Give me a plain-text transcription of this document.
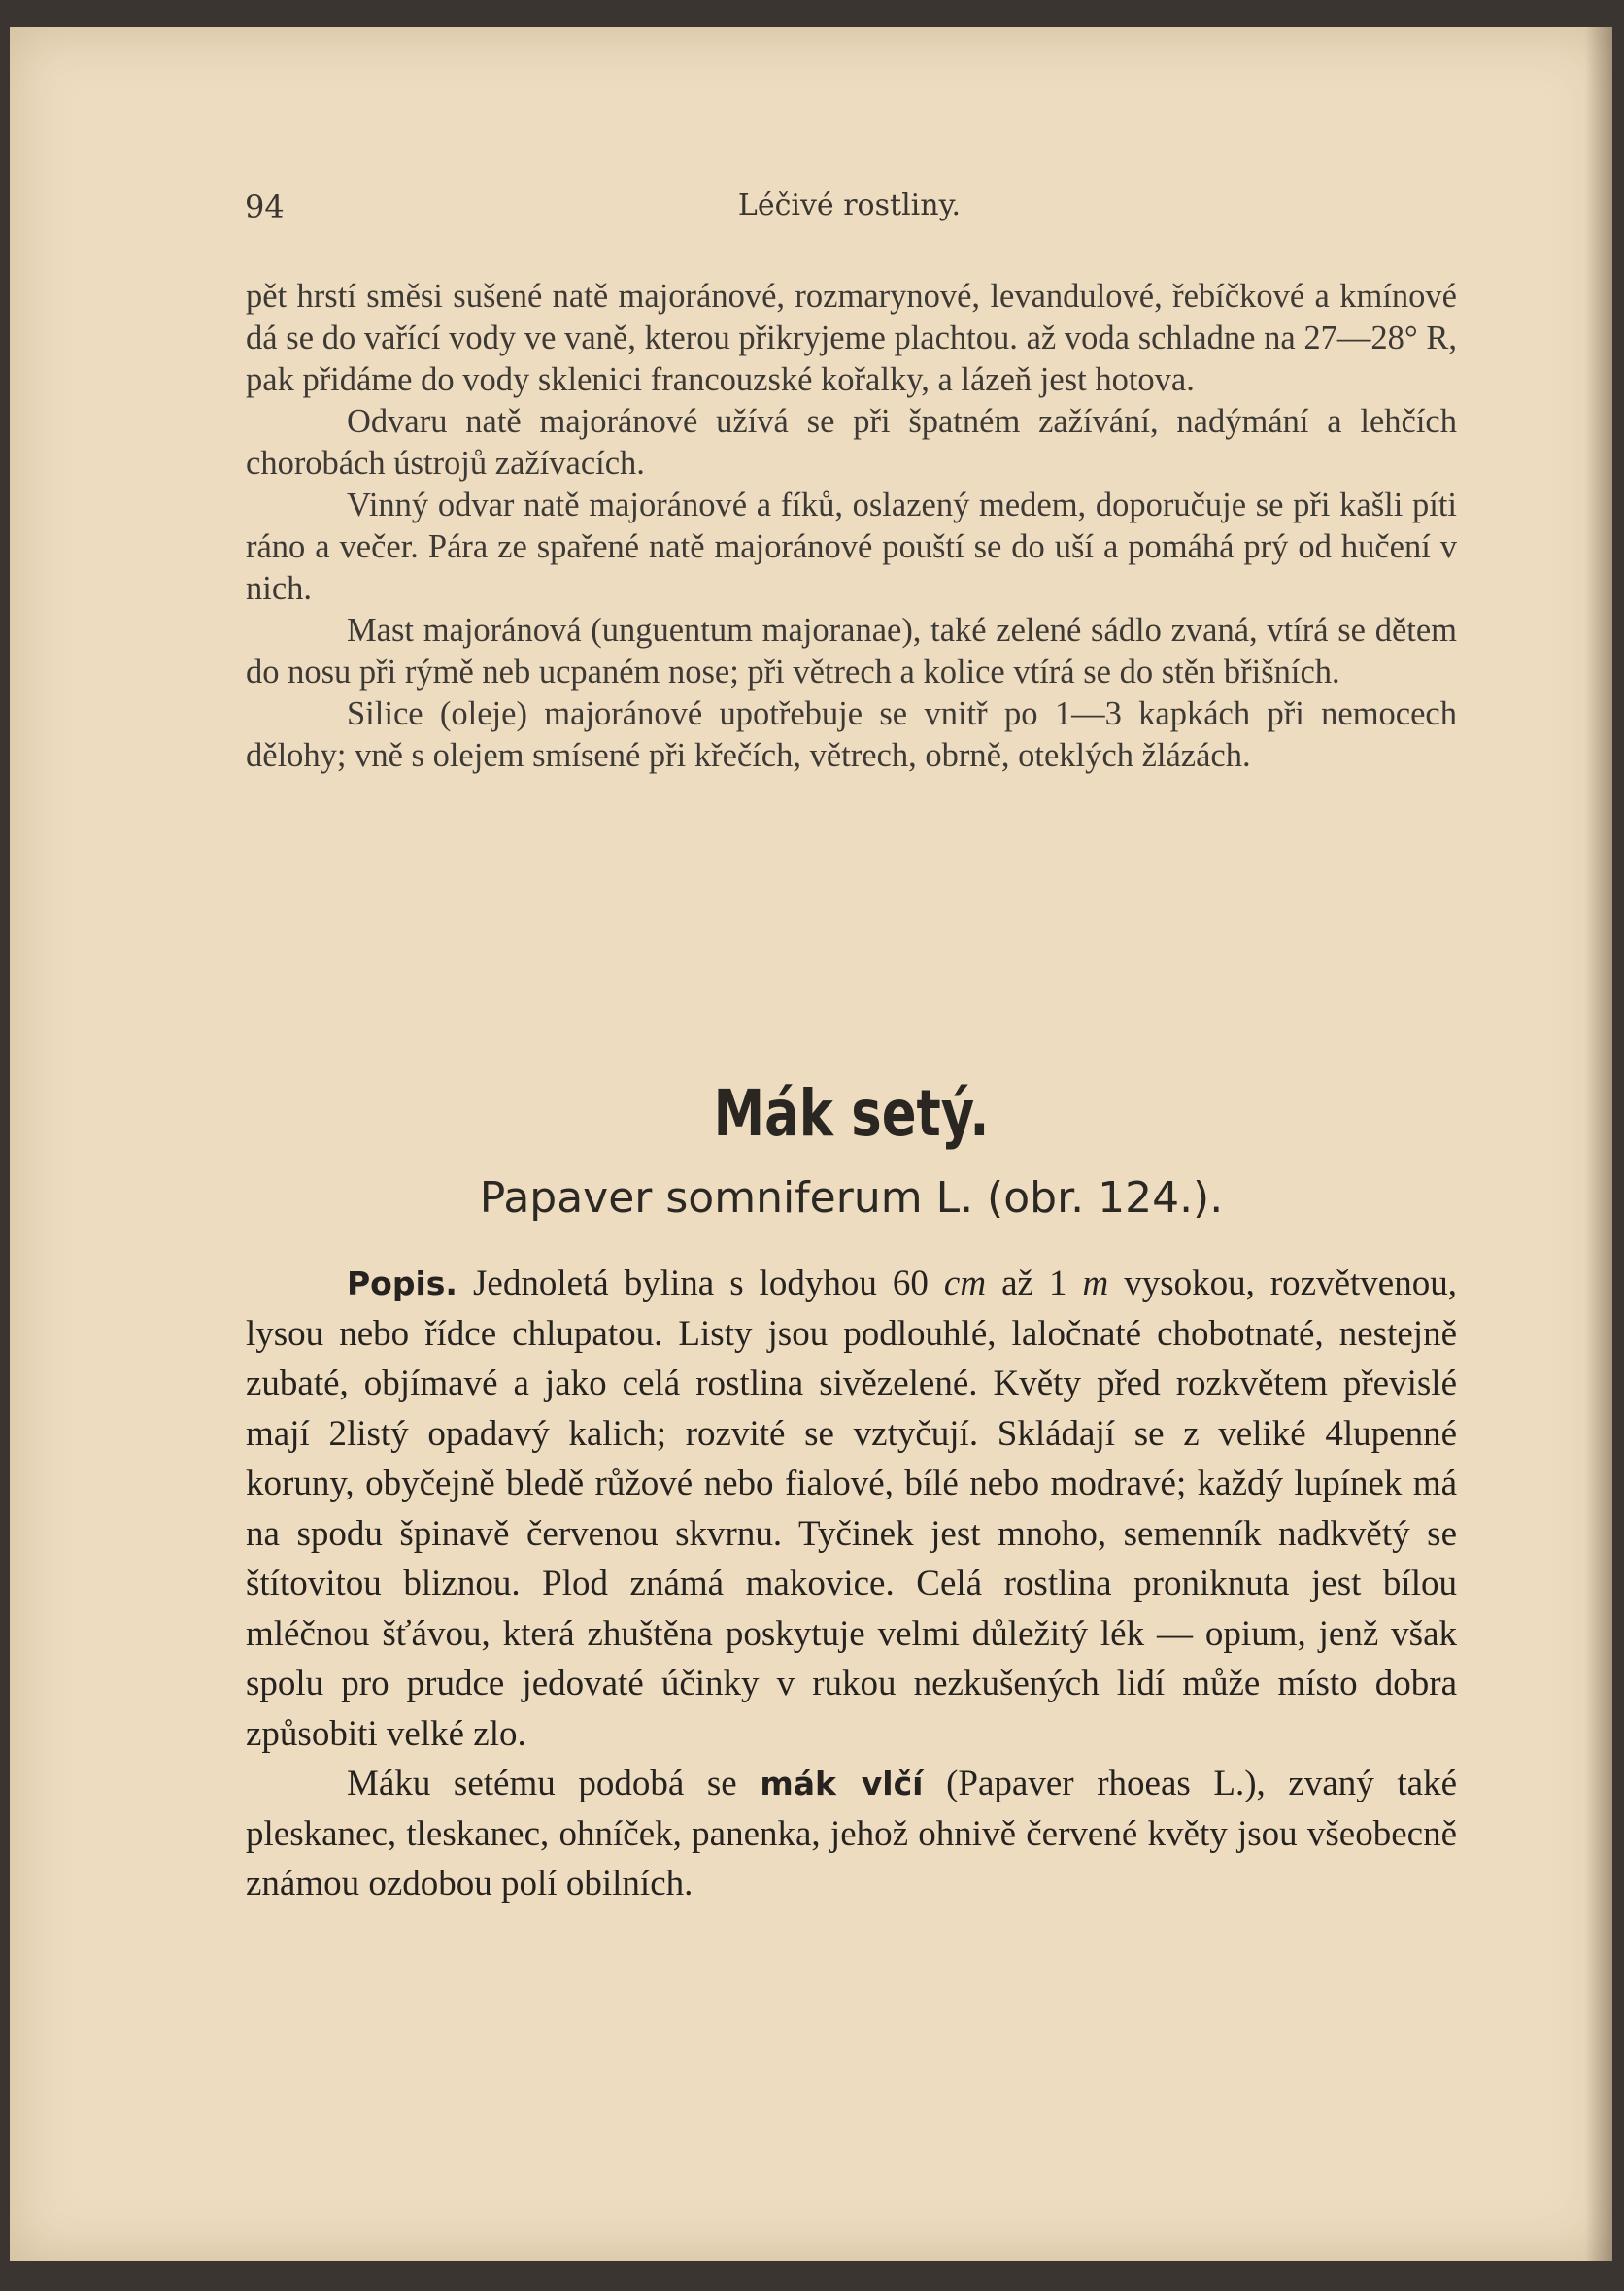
94	Léčivé rostliny.

pět hrstí směsi sušené natě majoránové, rozmarynové, levandulové, řebíčkové a kmínové dá se do vařící vody ve vaně, kterou přikryjeme plachtou. až voda schladne na 27—28° R, pak přidáme do vody sklenici francouzské kořalky, a lázeň jest hotova.

Odvaru natě majoránové užívá se při špatném zažívání, nadýmání a lehčích chorobách ústrojů zažívacích.

Vinný odvar natě majoránové a fíků, oslazený medem, doporučuje se při kašli píti ráno a večer. Pára ze spařené natě majoránové pouští se do uší a pomáhá prý od hučení v nich.

Mast majoránová (unguentum majoranae), také zelené sádlo zvaná, vtírá se dětem do nosu při rýmě neb ucpaném nose; při větrech a kolice vtírá se do stěn břišních.

Silice (oleje) majoránové upotřebuje se vnitř po 1—3 kapkách při nemocech dělohy; vně s olejem smísené při křečích, větrech, obrně, oteklých žlázách.

Mák setý.
Papaver somniferum L. (obr. 124.).

Popis. Jednoletá bylina s lodyhou 60 cm až 1 m vysokou, rozvětvenou, lysou nebo řídce chlupatou. Listy jsou podlouhlé, laločnaté chobotnaté, nestejně zubaté, objímavé a jako celá rostlina sivězelené. Květy před rozkvětem převislé mají 2listý opadavý kalich; rozvité se vztyčují. Skládají se z veliké 4lupenné koruny, obyčejně bledě růžové nebo fialové, bílé nebo modravé; každý lupínek má na spodu špinavě červenou skvrnu. Tyčinek jest mnoho, semenník nadkvětý se štítovitou bliznou. Plod známá makovice. Celá rostlina proniknuta jest bílou mléčnou šťávou, která zhuštěna poskytuje velmi důležitý lék — opium, jenž však spolu pro prudce jedovaté účinky v rukou nezkušených lidí může místo dobra způsobiti velké zlo.

Máku setému podobá se mák vlčí (Papaver rhoeas L.), zvaný také pleskanec, tleskanec, ohníček, panenka, jehož ohnivě červené květy jsou všeobecně známou ozdobou polí obilních.
